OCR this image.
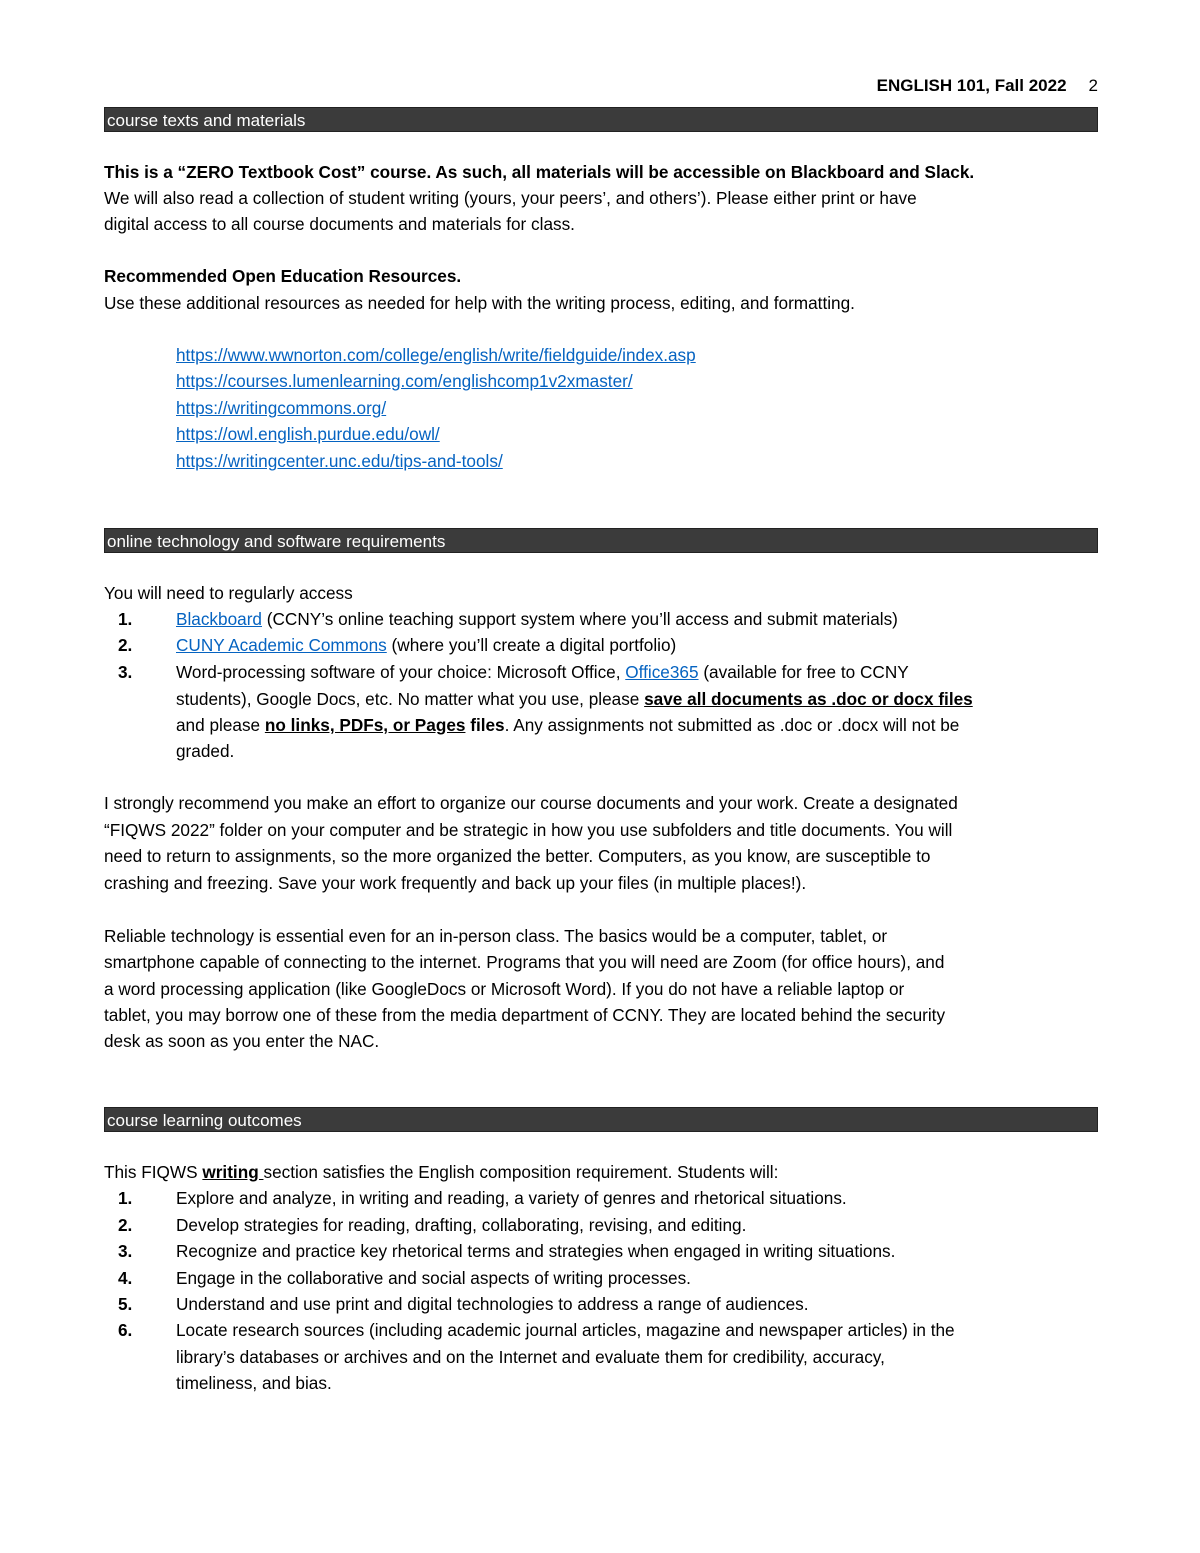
ENGLISH 101, Fall 2022 2
course texts and materials
This is a “ZERO Textbook Cost” course. As such, all materials will be accessible on Blackboard and Slack.
We will also read a collection of student writing (yours, your peers’, and others’). Please either print or have
digital access to all course documents and materials for class.
Recommended Open Education Resources.
Use these additional resources as needed for help with the writing process, editing, and formatting.
https://www.wwnorton.com/college/english/write/fieldguide/index.asp
https://courses.lumenlearning.com/englishcomp1v2xmaster/
https://writingcommons.org/
https://owl.english.purdue.edu/owl/
https://writingcenter.unc.edu/tips-and-tools/
online technology and software requirements
You will need to regularly access
1.	Blackboard (CCNY’s online teaching support system where you’ll access and submit materials)
2.	CUNY Academic Commons (where you’ll create a digital portfolio)
3.	Word-processing software of your choice: Microsoft Office, Office365 (available for free to CCNY
students), Google Docs, etc. No matter what you use, please save all documents as .doc or docx files
and please no links, PDFs, or Pages files. Any assignments not submitted as .doc or .docx will not be
graded.
I strongly recommend you make an effort to organize our course documents and your work. Create a designated
“FIQWS 2022” folder on your computer and be strategic in how you use subfolders and title documents. You will
need to return to assignments, so the more organized the better. Computers, as you know, are susceptible to
crashing and freezing. Save your work frequently and back up your files (in multiple places!).
Reliable technology is essential even for an in-person class. The basics would be a computer, tablet, or
smartphone capable of connecting to the internet. Programs that you will need are Zoom (for office hours), and
a word processing application (like GoogleDocs or Microsoft Word). If you do not have a reliable laptop or
tablet, you may borrow one of these from the media department of CCNY. They are located behind the security
desk as soon as you enter the NAC.
course learning outcomes
This FIQWS writing section satisfies the English composition requirement. Students will:
1.	Explore and analyze, in writing and reading, a variety of genres and rhetorical situations.
2.	Develop strategies for reading, drafting, collaborating, revising, and editing.
3.	Recognize and practice key rhetorical terms and strategies when engaged in writing situations.
4.	Engage in the collaborative and social aspects of writing processes.
5.	Understand and use print and digital technologies to address a range of audiences.
6.	Locate research sources (including academic journal articles, magazine and newspaper articles) in the
library’s databases or archives and on the Internet and evaluate them for credibility, accuracy,
timeliness, and bias.
